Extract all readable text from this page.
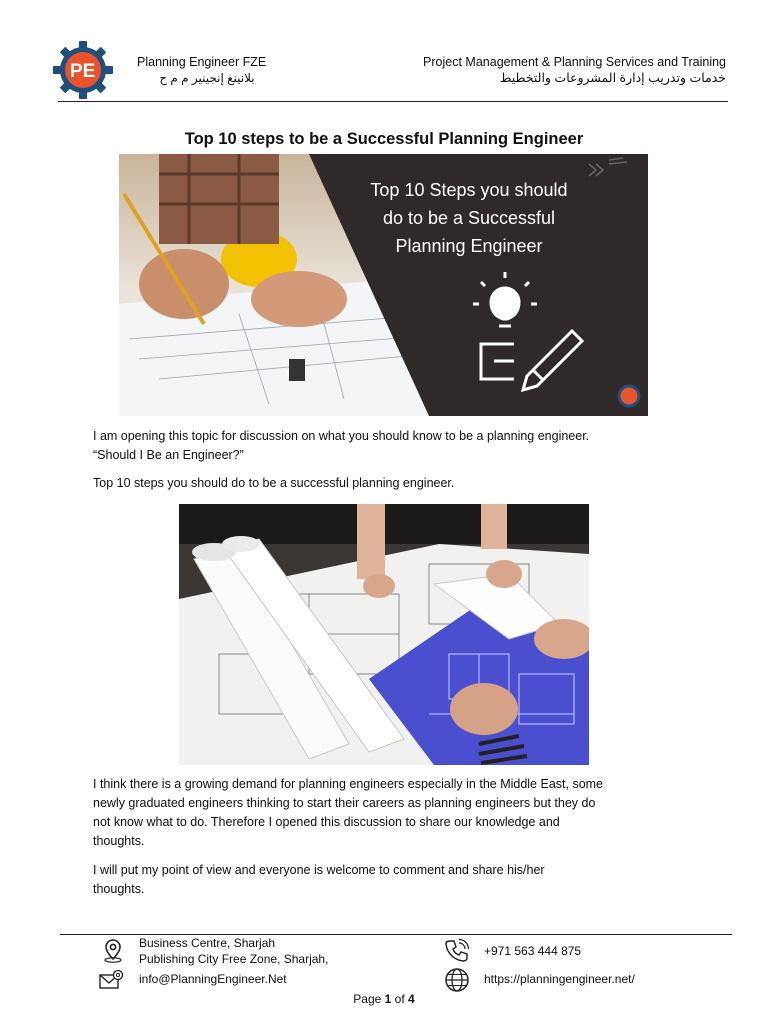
PE	Planning Engineer FZE
بلانينغ إنجينير م م ح
Project Management & Planning Services and Training
خدمات وتدريب إدارة المشروعات والتخطيط
Top 10 steps to be a Successful Planning Engineer
Top 10 Steps you should
do to be a Successful
Planning Engineer
I am opening this topic for discussion on what you should know to be a planning engineer.
“Should I Be an Engineer?”
Top 10 steps you should do to be a successful planning engineer.
I think there is a growing demand for planning engineers especially in the Middle East, some
newly graduated engineers thinking to start their careers as planning engineers but they do
not know what to do. Therefore I opened this discussion to share our knowledge and
thoughts.
I will put my point of view and everyone is welcome to comment and share his/her
thoughts.
Business Centre, Sharjah
Publishing City Free Zone, Sharjah,
info@PlanningEngineer.Net
+971 563 444 875
https://planningengineer.net/
Page 1 of 4
